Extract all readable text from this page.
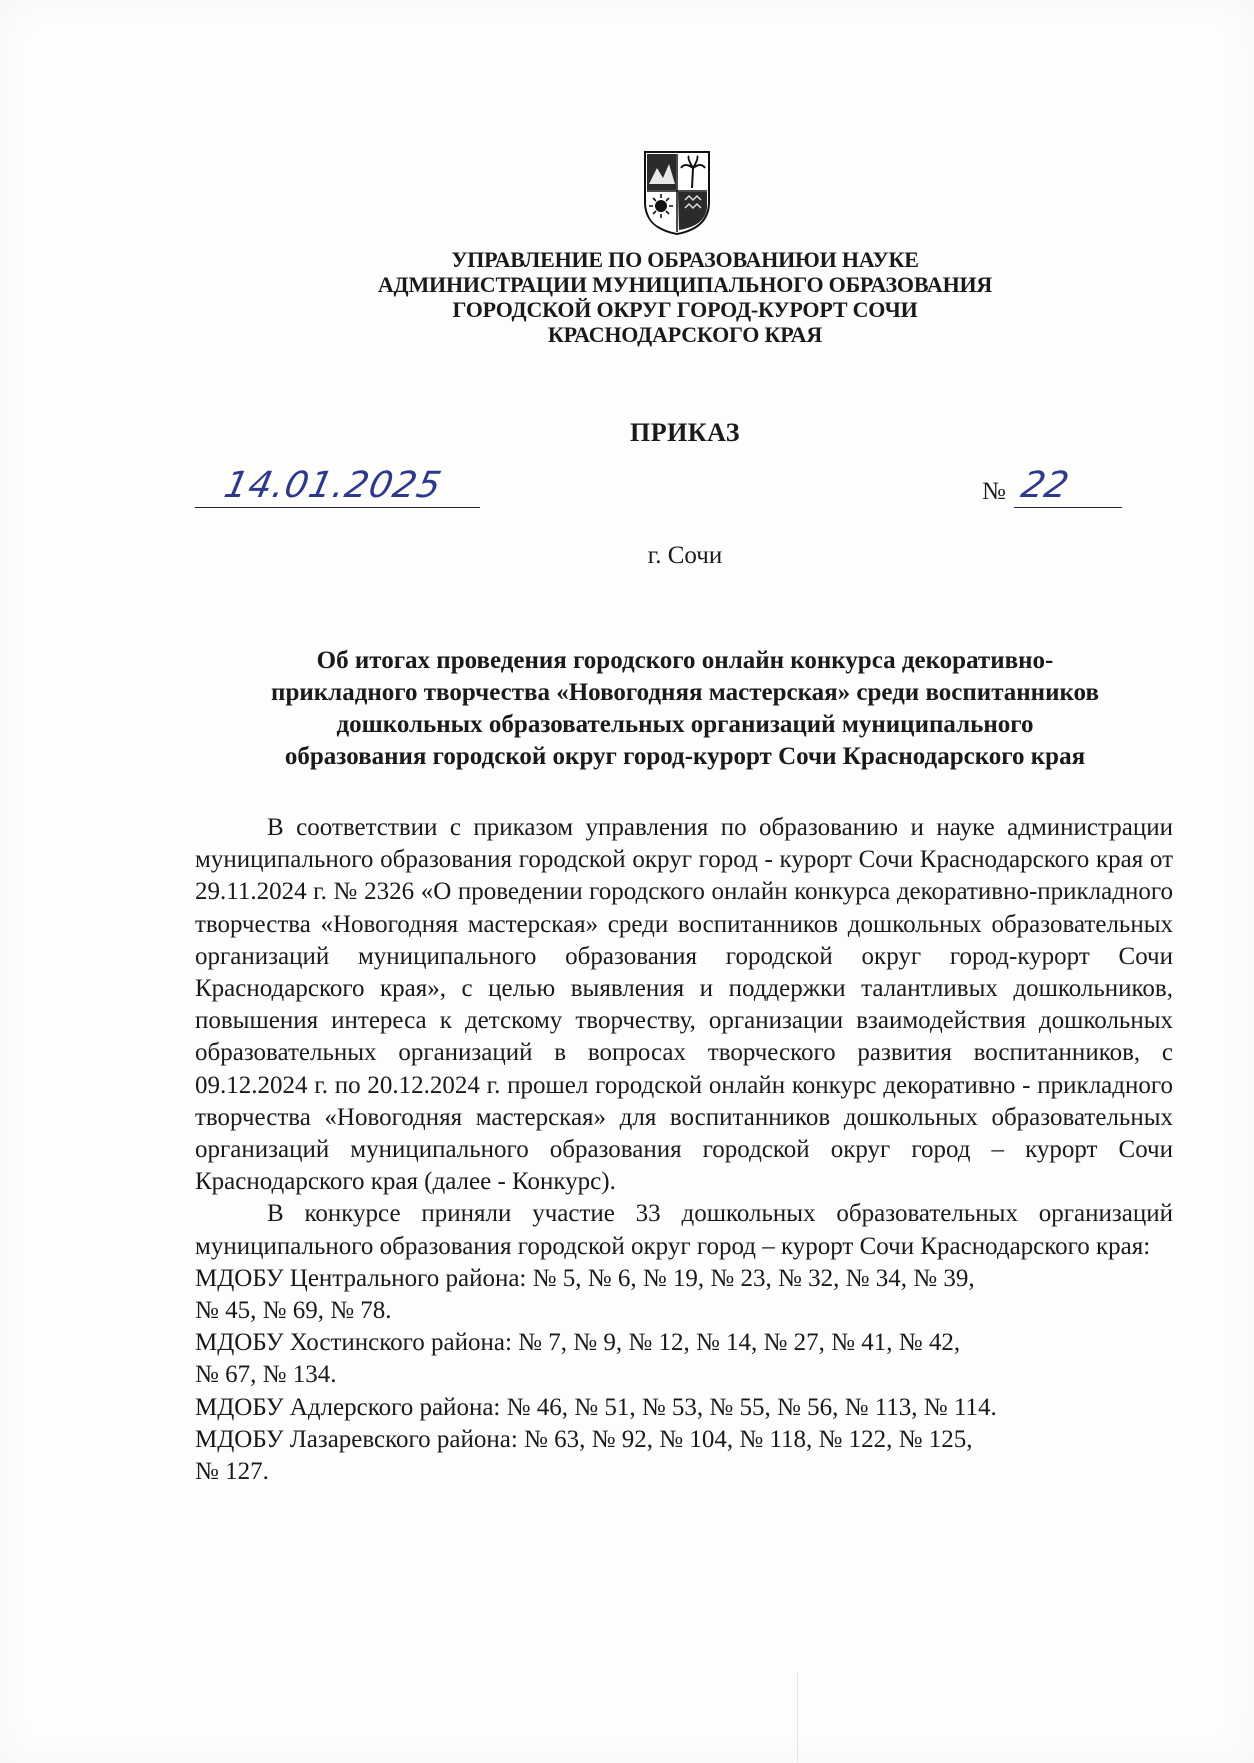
УПРАВЛЕНИЕ ПО ОБРАЗОВАНИЮИ НАУКЕ
АДМИНИСТРАЦИИ МУНИЦИПАЛЬНОГО ОБРАЗОВАНИЯ
ГОРОДСКОЙ ОКРУГ ГОРОД-КУРОРТ СОЧИ
КРАСНОДАРСКОГО КРАЯ
ПРИКАЗ
14.01.2025	№ 22
г. Сочи
Об итогах проведения городского онлайн конкурса декоративно-
прикладного творчества «Новогодняя мастерская» среди воспитанников
дошкольных образовательных организаций муниципального
образования городской округ город-курорт Сочи Краснодарского края

В соответствии с приказом управления по образованию и науке администрации муниципального образования городской округ город - курорт Сочи Краснодарского края от 29.11.2024 г. № 2326 «О проведении городского онлайн конкурса декоративно-прикладного творчества «Новогодняя мастерская» среди воспитанников дошкольных образовательных организаций муниципального образования городской округ город-курорт Сочи Краснодарского края», с целью выявления и поддержки талантливых дошкольников, повышения интереса к детскому творчеству, организации взаимодействия дошкольных образовательных организаций в вопросах творческого развития воспитанников, с 09.12.2024 г. по 20.12.2024 г. прошел городской онлайн конкурс декоративно - прикладного творчества «Новогодняя мастерская» для воспитанников дошкольных образовательных организаций муниципального образования городской округ город – курорт Сочи Краснодарского края (далее - Конкурс).

В конкурсе приняли участие 33 дошкольных образовательных организаций муниципального образования городской округ город – курорт Сочи Краснодарского края:

МДОБУ Центрального района: № 5, № 6, № 19, № 23, № 32, № 34, № 39,

№ 45, № 69, № 78.

МДОБУ Хостинского района: № 7, № 9, № 12, № 14, № 27, № 41, № 42,

№ 67, № 134.

МДОБУ Адлерского района: № 46, № 51, № 53, № 55, № 56, № 113, № 114.

МДОБУ Лазаревского района: № 63, № 92, № 104, № 118, № 122, № 125,

№ 127.
